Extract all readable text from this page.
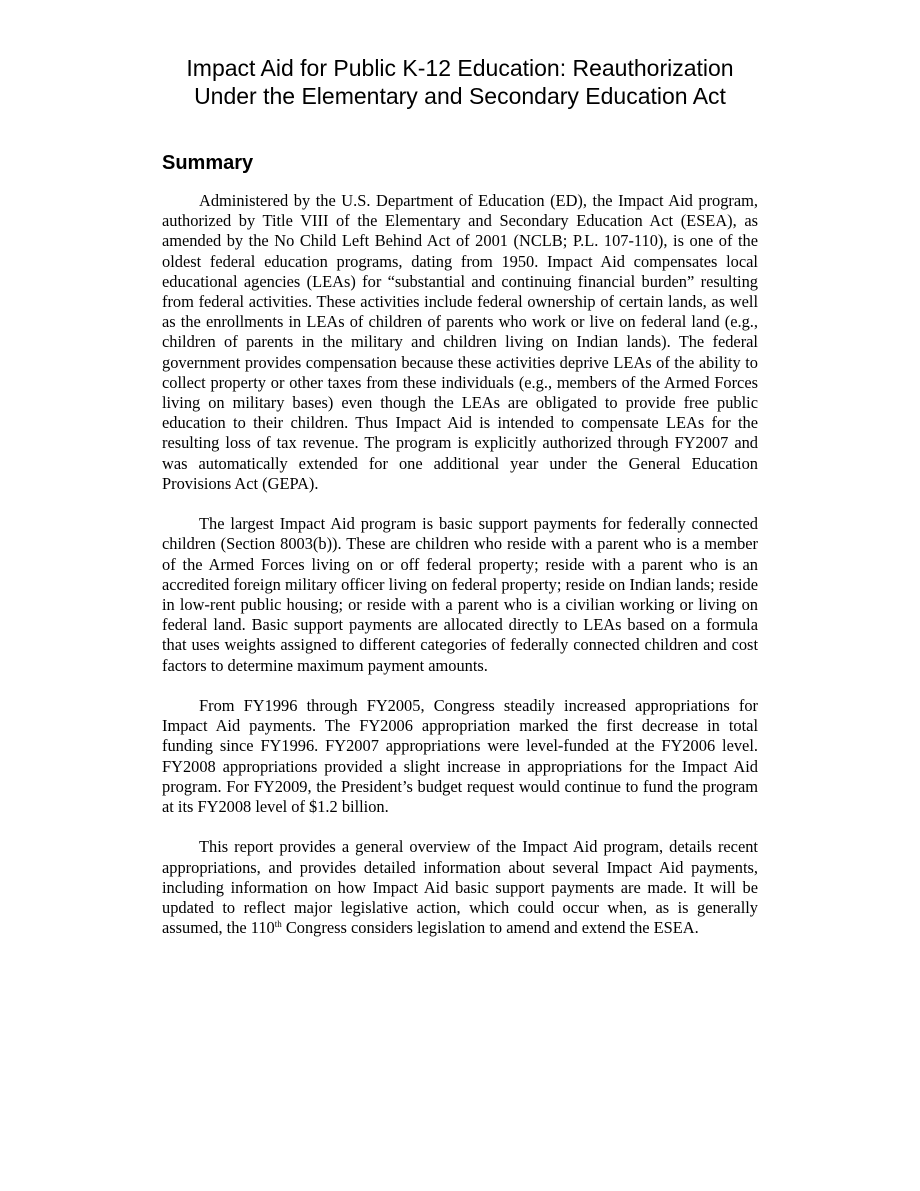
Impact Aid for Public K-12 Education: Reauthorization
Under the Elementary and Secondary Education Act
Summary

Administered by the U.S. Department of Education (ED), the Impact Aid program, authorized by Title VIII of the Elementary and Secondary Education Act (ESEA), as amended by the No Child Left Behind Act of 2001 (NCLB; P.L. 107-110), is one of the oldest federal education programs, dating from 1950. Impact Aid compensates local educational agencies (LEAs) for “substantial and continuing financial burden” resulting from federal activities. These activities include federal ownership of certain lands, as well as the enrollments in LEAs of children of parents who work or live on federal land (e.g., children of parents in the military and children living on Indian lands). The federal government provides compensation because these activities deprive LEAs of the ability to collect property or other taxes from these individuals (e.g., members of the Armed Forces living on military bases) even though the LEAs are obligated to provide free public education to their children. Thus Impact Aid is intended to compensate LEAs for the resulting loss of tax revenue. The program is explicitly authorized through FY2007 and was automatically extended for one additional year under the General Education Provisions Act (GEPA).

The largest Impact Aid program is basic support payments for federally connected children (Section 8003(b)). These are children who reside with a parent who is a member of the Armed Forces living on or off federal property; reside with a parent who is an accredited foreign military officer living on federal property; reside on Indian lands; reside in low-rent public housing; or reside with a parent who is a civilian working or living on federal land. Basic support payments are allocated directly to LEAs based on a formula that uses weights assigned to different categories of federally connected children and cost factors to determine maximum payment amounts.

From FY1996 through FY2005, Congress steadily increased appropriations for Impact Aid payments. The FY2006 appropriation marked the first decrease in total funding since FY1996. FY2007 appropriations were level-funded at the FY2006 level. FY2008 appropriations provided a slight increase in appropriations for the Impact Aid program. For FY2009, the President’s budget request would continue to fund the program at its FY2008 level of $1.2 billion.

This report provides a general overview of the Impact Aid program, details recent appropriations, and provides detailed information about several Impact Aid payments, including information on how Impact Aid basic support payments are made. It will be updated to reflect major legislative action, which could occur when, as is generally assumed, the 110th Congress considers legislation to amend and extend the ESEA.
